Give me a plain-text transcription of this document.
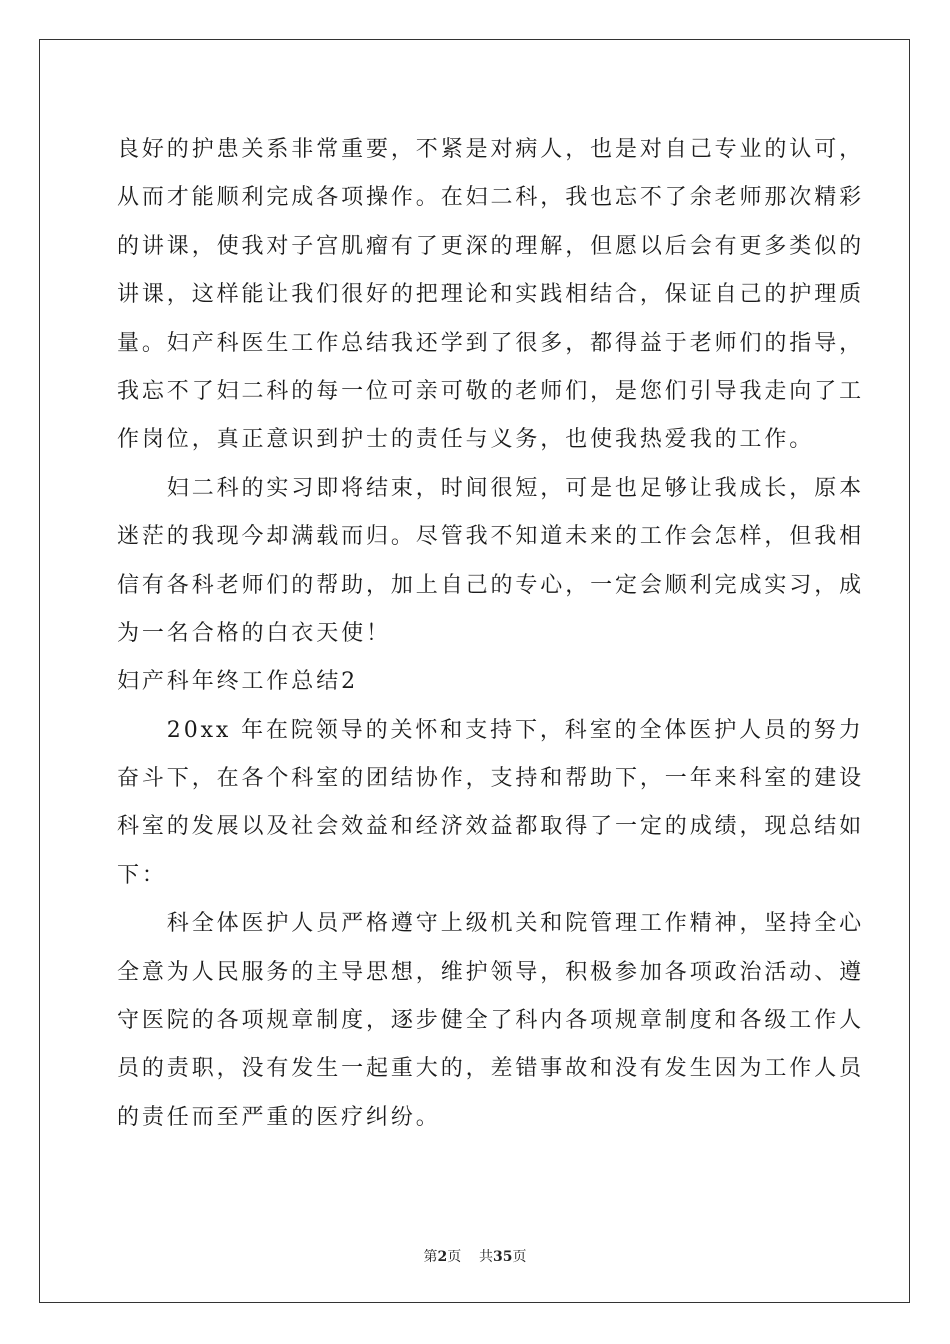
良好的护患关系非常重要，不紧是对病人，也是对自己专业的认可，
从而才能顺利完成各项操作。在妇二科，我也忘不了余老师那次精彩
的讲课，使我对子宫肌瘤有了更深的理解，但愿以后会有更多类似的
讲课，这样能让我们很好的把理论和实践相结合，保证自己的护理质
量。妇产科医生工作总结我还学到了很多，都得益于老师们的指导，
我忘不了妇二科的每一位可亲可敬的老师们，是您们引导我走向了工
作岗位，真正意识到护士的责任与义务，也使我热爱我的工作。
　　妇二科的实习即将结束，时间很短，可是也足够让我成长，原本
迷茫的我现今却满载而归。尽管我不知道未来的工作会怎样，但我相
信有各科老师们的帮助，加上自己的专心，一定会顺利完成实习，成
为一名合格的白衣天使！
妇产科年终工作总结2
　　20xx 年在院领导的关怀和支持下，科室的全体医护人员的努力
奋斗下，在各个科室的团结协作，支持和帮助下，一年来科室的建设
科室的发展以及社会效益和经济效益都取得了一定的成绩，现总结如
下：
　　科全体医护人员严格遵守上级机关和院管理工作精神，坚持全心
全意为人民服务的主导思想，维护领导，积极参加各项政治活动、遵
守医院的各项规章制度，逐步健全了科内各项规章制度和各级工作人
员的责职，没有发生一起重大的，差错事故和没有发生因为工作人员
的责任而至严重的医疗纠纷。
第2页 共35页
